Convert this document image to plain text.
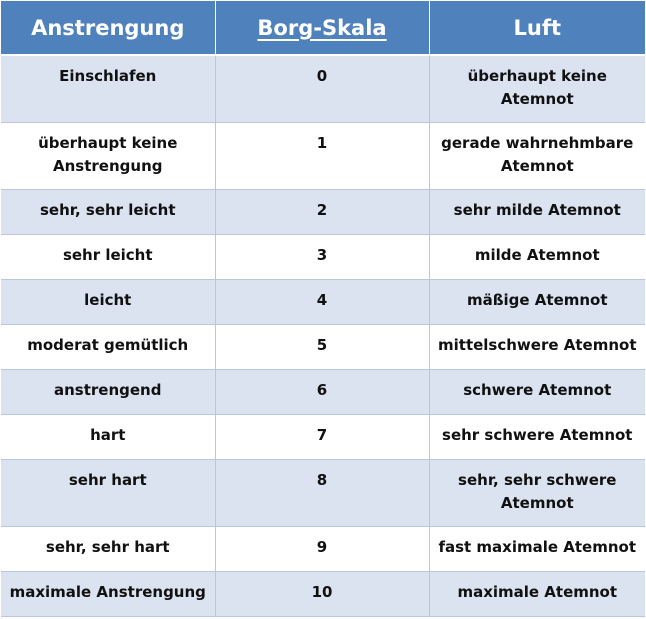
Anstrengung	Borg-Skala	Luft
Einschlafen	0	überhaupt keine Atemnot
überhaupt keine Anstrengung	1	gerade wahrnehmbare Atemnot
sehr, sehr leicht	2	sehr milde Atemnot
sehr leicht	3	milde Atemnot
leicht	4	mäßige Atemnot
moderat gemütlich	5	mittelschwere Atemnot
anstrengend	6	schwere Atemnot
hart	7	sehr schwere Atemnot
sehr hart	8	sehr, sehr schwere Atemnot
sehr, sehr hart	9	fast maximale Atemnot
maximale Anstrengung	10	maximale Atemnot
